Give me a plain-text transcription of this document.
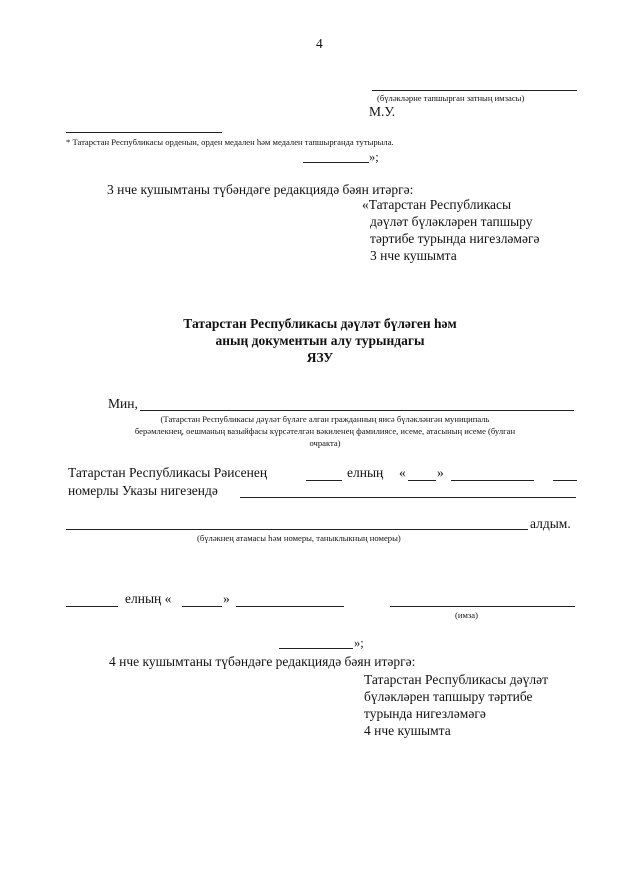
4
(бүләкләрне тапшырган затның имзасы)
М.У.
* Татарстан Республикасы орденын, орден медален һәм медален тапшырганда тутырыла.
»;
3 нче кушымтаны түбәндәге редакциядә бәян итәргә:
«Татарстан Республикасы
дәүләт бүләкләрен тапшыру
тәртибе турында нигезләмәгә
3 нче кушымта
Татарстан Республикасы дәүләт бүләген һәм
аның документын алу турындагы
ЯЗУ
Мин,
(Татарстан Республикасы дәүләт бүләге алган гражданның яисә бүләкләнгән муниципаль
берәмлекнең, оешманың вазыйфасы күрсәтелгән вәкиленең фамилиясе, исеме, атасының исеме (булган
очракта)
Татарстан Республикасы Рәисенең	елның « »
номерлы Указы нигезендә
алдым.
(бүләкнең атамасы һәм номеры, таныклыкның номеры)
елның «	»
(имза)
»;
4 нче кушымтаны түбәндәге редакциядә бәян итәргә:
Татарстан Республикасы дәүләт
бүләкләрен тапшыру тәртибе
турында нигезләмәгә
4 нче кушымта
